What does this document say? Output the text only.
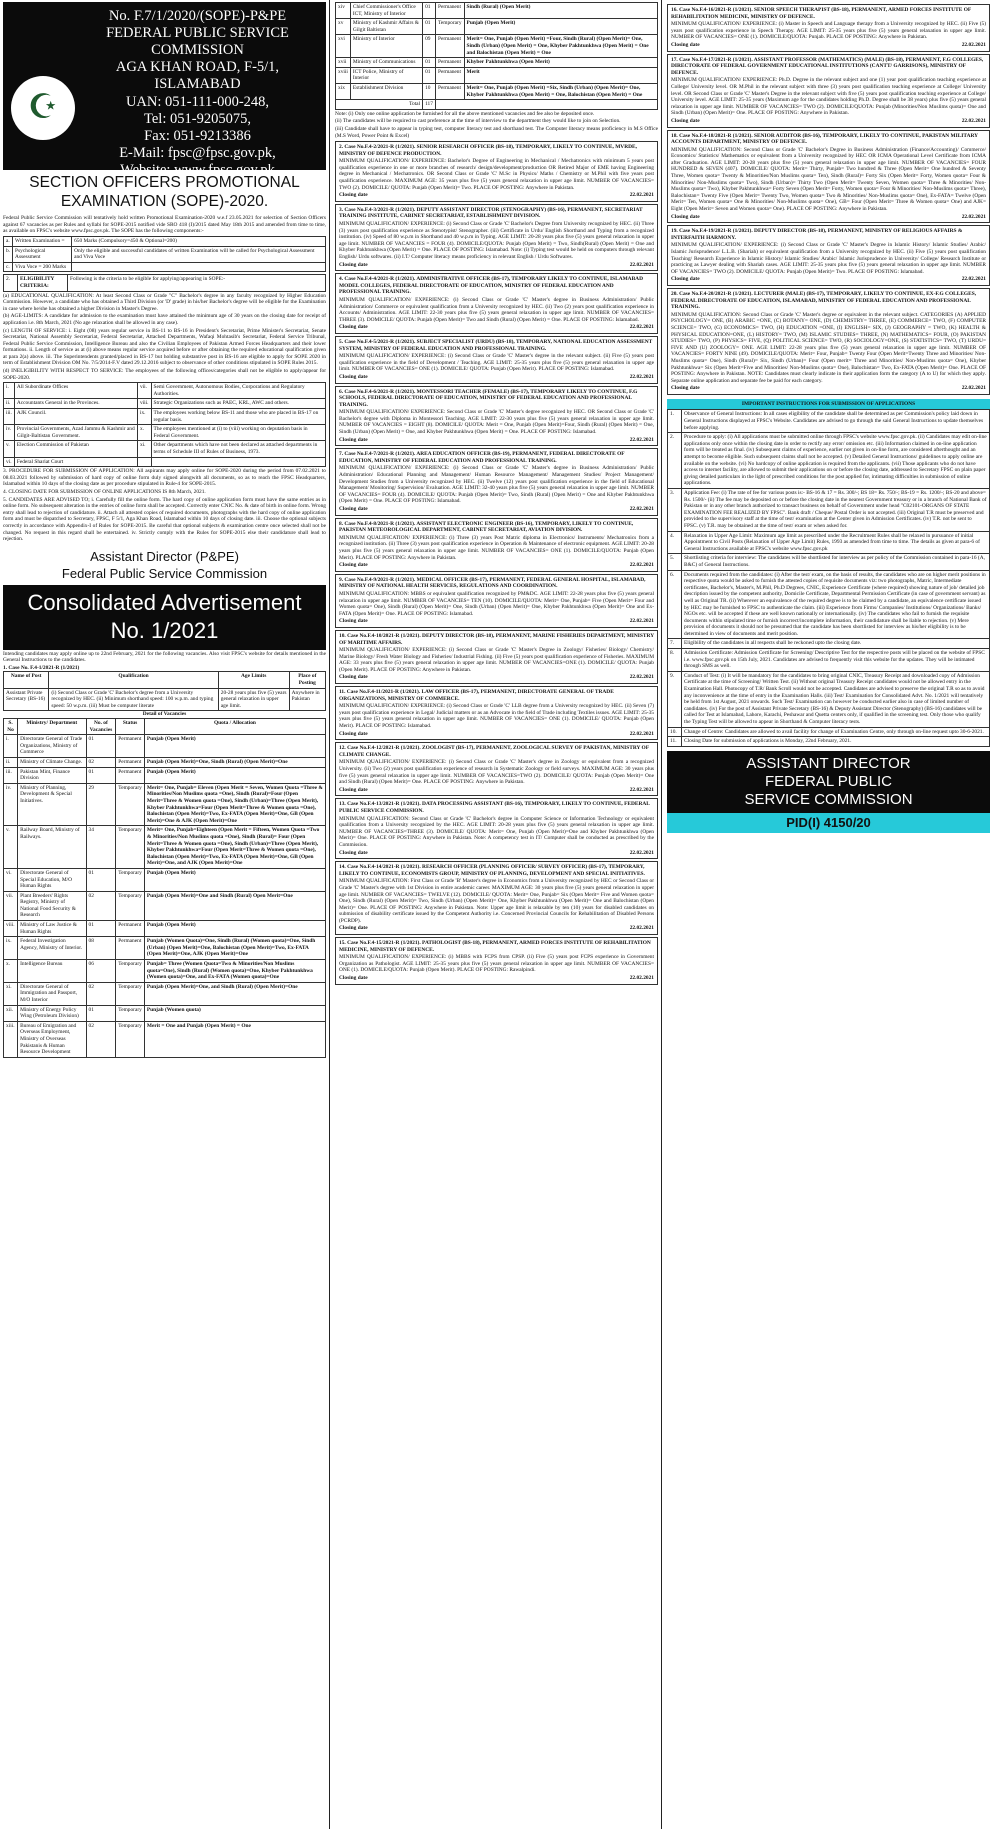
☪
No. F.7/1/2020/(SOPE)-P&PE
FEDERAL PUBLIC SERVICE COMMISSION
AGA KHAN ROAD, F-5/1, ISLAMABAD
UAN: 051-111-000-248,
Tel: 051-9205075,
Fax: 051-9213386
E-Mail: fpsc@fpsc.gov.pk,
Website: www.fpsc.gov.pk
SECTION OFFICERS PROMOTIONAL EXAMINATION (SOPE)-2020.

Federal Public Service Commission will tentatively hold written Promotional Examination-2020 w.e.f 23.05.2021 for selection of Section Officers against 67 vacancies as per Rules and syllabi for SOPE-2015 notified vide SRO 418 (I)/2015 dated May 18th 2015 and amended from time to time, as available on FPSC's website www.fpsc.gov.pk. The SOPE has the following components:-

a.	Written Examination =	650 Marks (Compulsory=450 & Optional=200)
b.	Psychological Assessment	Only the eligible and successful candidates of written Examination will be called for Psychological Assessment and Viva Voce
c.	Viva Voce = 200 Marks	
2.	ELIGIBILITY CRITERIA:	Following is the criteria to be eligible for applying/appearing in SOPE:-

(a) EDUCATIONAL QUALIFICATION: At least Second Class or Grade "C" Bachelor's degree in any faculty recognized by Higher Education Commission. However, a candidate who has obtained a Third Division (or 'D' grade) in his/her Bachelor's degree will be eligible for the Examination in case where he/she has obtained a higher Division in Master's Degree.

(b) AGE-LIMITS: A candidate for admission to the examination must have attained the minimum age of 30 years on the closing date for receipt of application i.e. 8th March, 2021 (No age relaxation shall be allowed in any case).

(c) LENGTH OF SERVICE: i. Eight (08) years regular service in BS-11 to BS-16 in President's Secretariat, Prime Minister's Secretariat, Senate Secretariat, National Assembly Secretariat, Federal Secretariat, Attached Departments, Wafaqi Mohtasib's Secretariat, Federal Service Tribunal, Federal Public Service Commission, Intelligence Bureau and also the Civilian Employees of Pakistan Armed Forces Headquarters and their lower formations. ii. Length of service as at (i) above means regular service acquired before or after obtaining the required educational qualification given at para 2(a) above. iii. The Superintendents granted/placed in BS-17 but holding substantive post in BS-16 are eligible to apply for SOPE 2020 in term of Establishment Division OM No. 7/5/2014-F.V dated 29.12.2016 subject to observance of other conditions stipulated in SOPE Rules 2015.

(d) INELIGIBILITY WITH RESPECT TO SERVICE: The employees of the following offices/categories shall not be eligible to apply/appear for SOPE-2020.

i.	All Subordinate Offices	vii.	Semi Government, Autonomous Bodies, Corporations and Regulatory Authorities.
ii.	Accountants General in the Provinces.	viii.	Strategic Organizations such as PAEC, KRL, AWC and others.
iii.	AJK Council.	ix.	The employees working below BS-11 and those who are placed in BS-17 on regular basis.
iv.	Provincial Governments, Azad Jammu & Kashmir and Gilgit-Baltistan Government.	x.	The employees mentioned at (i) to (viii) working on deputation basis in Federal Government.
v.	Election Commission of Pakistan	xi.	Other departments which have not been declared as attached departments in terms of Schedule III of Rules of Business, 1973.
vi.	Federal Shariat Court		

3. PROCEDURE FOR SUBMISSION OF APPLICATION: All aspirants may apply online for SOPE-2020 during the period from 07.02.2021 to 08.03.2021 followed by submission of hard copy of online form duly signed alongwith all documents, so as to reach the FPSC Headquarters, Islamabad within 10 days of the closing date as per procedure stipulated in Rule-4 for SOPE-2015.

4. CLOSING DATE FOR SUBMISSION OF ONLINE APPLICATIONS IS 8th March, 2021.

5. CANDIDATES ARE ADVISED TO; i. Carefully fill the online form. The hard copy of online application form must have the same entries as in online form. No subsequent alteration in the entries of online form shall be accepted. Correctly enter CNIC No. & date of birth in online form. Wrong entry shall lead to rejection of candidature. ii. Attach all attested copies of required documents, photographs with the hard copy of online application form and must be dispatched to Secretary, FPSC, F 5/1, Aga Khan Road, Islamabad within 10 days of closing date. iii. Choose the optional subjects correctly in accordance with Appendix-I of Rules for SOPE-2015. Be careful that optional subjects & examination centre once selected shall not be changed. No request in this regard shall be entertained. iv. Strictly comply with the Rules for SOPE-2015 else their candidature shall lead to rejection.

Assistant Director (P&PE)
Federal Public Service Commission
Consolidated Advertisement
No. 1/2021

Intending candidates may apply online up to 22nd February, 2021 for the following vacancies. Also visit FPSC's website for details mentioned in the General Instructions to the candidates.

1. Case No. F.4-1/2021-R (1/2021)
Name of Post	Qualification	Age Limits	Place of Posting
Assistant Private Secretary (BS-16)	(i) Second Class or Grade 'C' Bachelor's degree from a University recognized by HEC. (ii) Minimum shorthand speed: 100 w.p.m. and typing speed: 50 w.p.m. (iii) Must be computer literate	20-28 years plus five (5) years general relaxation in upper age limit.	Anywhere in Pakistan
Detail of Vacancies
S. No	Ministry/ Department	No. of Vacancies	Status	Quota / Allocation
i.	Directorate General of Trade Organizations, Ministry of Commerce	01	Permanent	Punjab (Open Merit)
ii.	Ministry of Climate Change.	02	Permanent	Punjab (Open Merit)=One, Sindh (Rural) (Open Merit)=One
iii.	Pakistan Mint, Finance Division	01	Permanent	Punjab (Open Merit)
iv.	Ministry of Planning, Development & Special Initiatives.	29	Temporary	Merit= One, Punjab= Eleven (Open Merit = Seven, Women Quota =Three & Minorities/Non Muslims quota =One), Sindh (Rural)=Four (Open Merit=Three & Women quota =One), Sindh (Urban)=Three (Open Merit), Khyber Pakhtunkhwa=Four (Open Merit=Three & Women quota =One), Balochistan (Open Merit)=Two, Ex-FATA (Open Merit)=One, GB (Open Merit)=One & AJK (Open Merit)=One
v.	Railway Board, Ministry of Railways.	34	Temporary	Merit= One, Punjab=Eighteen (Open Merit = Fifteen, Women Quota =Two & Minorities/Non Muslims quota =One), Sindh (Rural)= Four (Open Merit=Three & Women quota =One), Sindh (Urban)=Three (Open Merit), Khyber Pakhtunkhwa=Four (Open Merit=Three & Women quota =One), Balochistan (Open Merit)=Two, Ex-FATA (Open Merit)=One, GB (Open Merit)=One, and AJK (Open Merit)=One
vi.	Directorate General of Special Education, M/O Human Rights	01	Temporary	Punjab (Open Merit)
vii.	Plant Breeders' Rights Registry, Ministry of National Food Security & Research	02	Temporary	Punjab (Open Merit)=One and Sindh (Rural) Open Merit=One
viii.	Ministry of Law Justice & Human Rights	01	Permanent	Punjab (Open Merit)
ix.	Federal Investigation Agency, Ministry of Interior.	08	Permanent	Punjab (Women Quota)=One, Sindh (Rural) (Women quota)=One, Sindh (Urban) (Open Merit)=One, Balochistan (Open Merit)=Two, Ex-FATA (Open Merit)=One, AJK (Open Merit)=One
x.	Intelligence Bureau	06	Temporary	Punjab= Three (Women Quota=Two & Minorities/Non Muslims quota=One), Sindh (Rural) (Women quota)=One, Khyber Pakhtunkhwa (Women quota)=One, and Ex-FATA (Women quota)=One
xi.	Directorate General of Immigration and Passport, M/O Interior	02	Temporary	Punjab (Open Merit)=One, and Sindh (Rural) (Open Merit)=One
xii.	Ministry of Energy Policy Wing (Petroleum Division)	01	Temporary	Punjab (Women quota)
xiii.	Bureau of Emigration and Overseas Employment, Ministry of Overseas Pakistanis & Human Resource Development	02	Temporary	Merit = One and Punjab (Open Merit) = One
xiv	Chief Commissioner's Office ICT, Ministry of Interior	01	Permanent	Sindh (Rural) (Open Merit)
xv	Ministry of Kashmir Affairs & Gilgit Baltistan	01	Temporary	Punjab (Open Merit)
xvi	Ministry of Interior	09	Permanent	Merit= One, Punjab (Open Merit) =Four, Sindh (Rural) (Open Merit)= One, Sindh (Urban) (Open Merit) = One, Khyber Pakhtunkhwa (Open Merit) = One and Balochistan (Open Merit) = One
xvii	Ministry of Communications	01	Permanent	Khyber Pakhtunkhwa (Open Merit)
xviii	ICT Police, Ministry of Interior	01	Permanent	Merit
xix	Establishment Division	10	Permanent	Merit= One, Punjab (Open Merit) =Six, Sindh (Urban) (Open Merit)= One, Khyber Pakhtunkhwa (Open Merit) = One, Balochistan (Open Merit) = One
Total		117		

Note: (i) Only one online application be furnished for all the above mentioned vacancies and fee also be deposited once.

(ii) The candidates will be required to cast preference at the time of interview to the department they would like to join on Selection.

(iii) Candidate shall have to appear in typing test, computer literacy test and shorthand test. The Computer literacy means proficiency in M.S Office (M.S Word, Power Point & Excel)

2. Case No.F.4-2/2021-R (1/2021). SENIOR RESEARCH OFFICER (BS-18), TEMPORARY, LIKELY TO CONTINUE, MVRDE, MINISTRY OF DEFENCE PRODUCTION.

MINIMUM QUALIFICATION/ EXPERIENCE: Bachelor's Degree of Engineering in Mechanical / Mechatronics with minimum 5 years post qualification experience in one or more branches of research/ design/development/production OR Retired Major of EME having Engineering degree in Mechanical / Mechatronics. OR Second Class or Grade 'C' M.Sc in Physics/ Maths / Chemistry or M.Phil with five years post qualification experience. MAXIMUM AGE: 35 years plus five (5) years general relaxation in upper age limit. NUMBER OF VACANCIES= TWO (2). DOMICILE/ QUOTA: Punjab (Open Merit)= Two. PLACE OF POSTING: Anywhere in Pakistan.

Closing date	22.02.2021
3. Case No.F.4-3/2021-R (1/2021). DEPUTY ASSISTANT DIRECTOR (STENOGRAPHY) (BS-16), PERMANENT, SECRETARIAT TRAINING INSTITUTE, CABINET SECRETARIAT, ESTABLISHMENT DIVISION.

MINIMUM QUALIFICATION/ EXPERIENCE: (i) Second Class or Grade 'C' Bachelor's Degree from University recognized by HEC. (ii) Three (3) years post qualification experience as Stenotypist/ Stenographer. (iii) Certificate in Urdu/ English Shorthand and Typing from a recognized institution. (iv) Speed of 80 w.p.m in Shorthand and 40 w.p.m in Typing. AGE LIMIT: 20-28 years plus five (5) years general relaxation in upper age limit. NUMBER OF VACANCIES = FOUR (4). DOMICILE/QUOTA: Punjab (Open Merit) = Two, Sindh(Rural) (Open Merit) = One and Khyber Pakhtunkhwa (Open Merit) = One. PLACE OF POSTING: Islamabad. Note: (i) Typing test would be held on computers through relevant English/ Urdu softwares. (ii) I.T/ Computer literacy means proficiency in relevant English / Urdu Softwares.

Closing date	22.02.2021
4. Case No.F.4-4/2021-R (1/2021). ADMINISTRATIVE OFFICER (BS-17), TEMPORARY LIKELY TO CONTINUE, ISLAMABAD MODEL COLLEGES, FEDERAL DIRECTORATE OF EDUCATION, MINISTRY OF FEDERAL EDUCATION AND PROFESSIONAL TRAINING.

MINIMUM QUALIFICATION/ EXPERIENCE: (i) Second Class or Grade 'C' Master's degree in Business Administration/ Public Administration/ Commerce or equivalent qualification from a University recognized by HEC. (ii) Two (2) years post qualification experience in Accounts/ Administration. AGE LIMIT: 22-30 years plus five (5) years general relaxation in upper age limit. NUMBER OF VACANCIES= THREE (3). DOMICILE/ QUOTA: Punjab (Open Merit)= Two and Sindh (Rural) (Open Merit) = One. PLACE OF POSTING: Islamabad.

Closing date	22.02.2021
5. Case No.F.4-5/2021-R (1/2021). SUBJECT SPECIALIST (URDU) (BS-18), TEMPORARY, NATIONAL EDUCATION ASSESSMENT SYSTEM, MINISTRY OF FEDERAL EDUCATION AND PROFESSIONAL TRAINING.

MINIMUM QUALIFICATION/ EXPERIENCE: (i) Second Class or Grade 'C' Master's degree in the relevant subject. (ii) Five (5) years post qualification experience in the field of Development / Teaching. AGE LIMIT: 25-35 years plus five (5) years general relaxation in upper age limit. NUMBER OF VACANCIES= ONE (1). DOMICILE/ QUOTA: Punjab (Open Merit). PLACE OF POSTING: Islamabad.

Closing date	22.02.2021
6. Case No.F.4-6/2021-R (1/2021). MONTESSORI TEACHER (FEMALE) (BS-17), TEMPORARY LIKELY TO CONTINUE, F.G SCHOOLS, FEDERAL DIRECTORATE OF EDUCATION, MINISTRY OF FEDERAL EDUCATION AND PROFESSIONAL TRAINING.

MINIMUM QUALIFICATION/ EXPERIENCE: Second Class or Grade 'C' Master's degree recognized by HEC. OR Second Class or Grade 'C' Bachelor's degree with Diploma in Montessori Teaching. AGE LIMIT: 22-30 years plus five (5) years general relaxation in upper age limit. NUMBER OF VACANCIES = EIGHT (8). DOMICILE/ QUOTA: Merit = One, Punjab (Open Merit)=Four, Sindh (Rural) (Open Merit) = One, Sindh (Urban) (Open Merit) = One, and Khyber Pakhtunkhwa (Open Merit) = One. PLACE OF POSTING: Islamabad.

Closing date	22.02.2021
7. Case No.F.4-7/2021-R (1/2021). AREA EDUCATION OFFICER (BS-19), PERMANENT, FEDERAL DIRECTORATE OF EDUCATION, MINISTRY OF FEDERAL EDUCATION AND PROFESSIONAL TRAINING.

MINIMUM QUALIFICATION/ EXPERIENCE: (i) Second Class or Grade 'C' Master's degree in Business Administration/ Public Administration/ Educational Planning and Management/ Human Resource Management/ Management Studies/ Project Management/ Development Studies from a University recognized by HEC. (ii) Twelve (12) years post qualification experience in the field of Educational Management/ Monitoring/ Supervision/ Evaluation. AGE LIMIT: 32-40 years plus five (5) years general relaxation in upper age limit. NUMBER OF VACANCIES= FOUR (4). DOMICILE/ QUOTA: Punjab (Open Merit)= Two, Sindh (Rural) (Open Merit) = One and Khyber Pakhtunkhwa (Open Merit) = One. PLACE OF POSTING: Islamabad.

Closing date	22.02.2021
8. Case No.F.4-8/2021-R (1/2021). ASSISTANT ELECTRONIC ENGINEER (BS-16), TEMPORARY, LIKELY TO CONTINUE, PAKISTAN METEOROLOGICAL DEPARTMENT, CABINET SECRETARIAT, AVIATION DIVISION.

MINIMUM QUALIFICATION/ EXPERIENCE: (i) Three (3) years Post Matric diploma in Electronics/ Instruments/ Mechatronics from a recognized institution. (ii) Three (3) years post qualification experience in Operation & Maintenance of electronic equipment. AGE LIMIT: 20-28 years plus five (5) years general relaxation in upper age limit. NUMBER OF VACANCIES= ONE (1). DOMICILE/QUOTA: Punjab (Open Merit). PLACE OF POSTING: Anywhere in Pakistan.

Closing date	22.02.2021
9. Case No.F.4-9/2021-R (1/2021). MEDICAL OFFICER (BS-17), PERMANENT, FEDERAL GENERAL HOSPITAL, ISLAMABAD, MINISTRY OF NATIONAL HEALTH SERVICES, REGULATIONS AND COORDINATION.

MINIMUM QUALIFICATION: MBBS or equivalent qualification recognized by PM&DC. AGE LIMIT: 22-28 years plus five (5) years general relaxation in upper age limit. NUMBER OF VACANCIES= TEN (10). DOMICILE/QUOTA: Merit= One, Punjab= Five (Open Merit= Four and Women quota= One), Sindh (Rural) (Open Merit)= One, Sindh (Urban) (Open Merit)= One, Khyber Pakhtunkhwa (Open Merit)= One and Ex-FATA (Open Merit)= One. PLACE OF POSTING: Islamabad.

Closing date	22.02.2021
10. Case No.F.4-10/2021-R (1/2021). DEPUTY DIRECTOR (BS-18), PERMANENT, MARINE FISHERIES DEPARTMENT, MINISTRY OF MARITIME AFFAIRS.

MINIMUM QUALIFICATION/ EXPERIENCE: (i) Second Class or Grade 'C' Master's Degree in Zoology/ Fisheries/ Biology/ Chemistry/ Marine Biology/ Fresh Water Biology and Fisheries/ Industrial Fishing. (ii) Five (5) years post qualification experience of Fisheries. MAXIMUM AGE: 33 years plus five (5) years general relaxation in upper age limit. NUMBER OF VACANCIES=ONE (1). DOMICILE/ QUOTA: Punjab (Open Merit). PLACE OF POSTING: Anywhere in Pakistan.

Closing date	22.02.2021
11. Case No.F.4-11/2021-R (1/2021). LAW OFFICER (BS-17), PERMANENT, DIRECTORATE GENERAL OF TRADE ORGANIZATIONS, MINISTRY OF COMMERCE.

MINIMUM QUALIFICATION/ EXPERIENCE: (i) Second Class or Grade 'C' LLB degree from a University recognized by HEC. (ii) Seven (7) years post qualification experience in Legal/ Judicial matters or as an Advocate in the field of Trade including Textiles issues. AGE LIMIT: 25-35 years plus five (5) years general relaxation in upper age limit. NUMBER OF VACANCIES= ONE (1). DOMICILE/ QUOTA: Punjab (Open Merit). PLACE OF POSTING: Islamabad.

Closing date	22.02.2021
12. Case No.F.4-12/2021-R (1/2021). ZOOLOGIST (BS-17), PERMANENT, ZOOLOGICAL SURVEY OF PAKISTAN, MINISTRY OF CLIMATE CHANGE.

MINIMUM QUALIFICATION/ EXPERIENCE: (i) Second Class or Grade 'C' Master's degree in Zoology or equivalent from a recognized University. (ii) Two (2) years post qualification experience of research in Systematic Zoology or field surveys. MAXIMUM AGE: 30 years plus five (5) years general relaxation in upper age limit. NUMBER OF VACANCIES=TWO (2). DOMICILE/ QUOTA: Punjab (Open Merit)= One and Sindh (Rural) (Open Merit)= One. PLACE OF POSTING: Anywhere in Pakistan.

Closing date	22.02.2021
13. Case No.F.4-13/2021-R (1/2021). DATA PROCESSING ASSISTANT (BS-16), TEMPORARY, LIKELY TO CONTINUE, FEDERAL PUBLIC SERVICE COMMISSION.

MINIMUM QUALIFICATION: Second Class or Grade 'C' Bachelor's degree in Computer Science or Information Technology or equivalent qualification from a University recognized by the HEC. AGE LIMIT: 20-28 years plus five (5) years general relaxation in upper age limit. NUMBER OF VACANCIES=THREE (3). DOMICILE/ QUOTA: Merit= One, Punjab (Open Merit)=One and Khyber Pakhtunkhwa (Open Merit)= One. PLACE OF POSTING: Anywhere in Pakistan. Note: A competency test in IT/ Computer shall be conducted as prescribed by the Commission.

Closing date	22.02.2021
14. Case No.F.4-14/2021-R (1/2021). RESEARCH OFFICER (PLANNING OFFICER/ SURVEY OFFICER) (BS-17), TEMPORARY, LIKELY TO CONTINUE, ECONOMISTS GROUP, MINISTRY OF PLANNING, DEVELOPMENT AND SPECIAL INITIATIVES.

MINIMUM QUALIFICATION: First Class or Grade 'B' Master's degree in Economics from a University recognized by HEC or Second Class or Grade 'C' Master's degree with 1st Division in entire academic career. MAXIMUM AGE: 30 years plus five (5) years general relaxation in upper age limit. NUMBER OF VACANCIES= TWELVE (12). DOMICILE/ QUOTA: Merit= One, Punjab= Six (Open Merit= Five and Women quota= One), Sindh (Rural) (Open Merit)= Two, Sindh (Urban) (Open Merit)= One, Khyber Pakhtunkhwa (Open Merit)= One and Balochistan (Open Merit)= One. PLACE OF POSTING: Anywhere in Pakistan. Note: Upper age limit is relaxable by ten (10) years for disabled candidates on submission of disability certificate issued by the Competent Authority i.e. Concerned Provincial Councils for Rehabilitation of Disabled Persons (PCRDP).

Closing date	22.02.2021
15. Case No.F.4-15/2021-R (1/2021). PATHOLOGIST (BS-18), PERMANENT, ARMED FORCES INSTITUTE OF REHABILITATION MEDICINE, MINISTRY OF DEFENCE.

MINIMUM QUALIFICATION/ EXPERIENCE: (i) MBBS with FCPS from CPSP. (ii) Five (5) years post FCPS experience in Government Organization as Pathologist. AGE LIMIT: 25-35 years plus five (5) years general relaxation in upper age limit. NUMBER OF VACANCIES= ONE (1). DOMICILE/QUOTA: Punjab (Open Merit). PLACE OF POSTING: Rawalpindi.

Closing date	22.02.2021
16. Case No.F.4-16/2021-R (1/2021). SENIOR SPEECH THERAPIST (BS-18), PERMANENT, ARMED FORCES INSTITUTE OF REHABILITATION MEDICINE, MINISTRY OF DEFENCE.

MINIMUM QUALIFICATION/ EXPERIENCE: (i) Master in Speech and Language therapy from a University recognized by HEC. (ii) Five (5) years post qualification experience in Speech Therapy. AGE LIMIT: 25-35 years plus five (5) years general relaxation in upper age limit. NUMBER OF VACANCIES= ONE (1). DOMICILE/QUOTA: Punjab. PLACE OF POSTING: Anywhere in Pakistan.

Closing date	22.02.2021
17. Case No.F.4-17/2021-R (1/2021). ASSISTANT PROFESSOR (MATHEMATICS) (MALE) (BS-18), PERMANENT, F.G COLLEGES, DIRECTORATE OF FEDERAL GOVERNMENT EDUCATIONAL INSTITUTIONS (CANTT/ GARRISONS), MINISTRY OF DEFENCE.

MINIMUM QUALIFICATION/ EXPERIENCE: Ph.D. Degree in the relevant subject and one (1) year post qualification teaching experience at College/ University level. OR M.Phil in the relevant subject with three (3) years post qualification teaching experience at College/ University level. OR Second Class or Grade 'C' Master's Degree in the relevant subject with five (5) years post qualification teaching experience at College/ University level. AGE LIMIT: 25-35 years (Maximum age for the candidates holding Ph.D. Degree shall be 38 years) plus five (5) years general relaxation in upper age limit. NUMBER OF VACANCIES= TWO (2). DOMICILE/QUOTA: Punjab (Minorities/Non Muslims quota)= One and Sindh (Urban) (Open Merit)= One. PLACE OF POSTING: Anywhere in Pakistan.

Closing date	22.02.2021
18. Case No.F.4-18/2021-R (1/2021). SENIOR AUDITOR (BS-16), TEMPORARY, LIKELY TO CONTINUE, PAKISTAN MILITARY ACCOUNTS DEPARTMENT, MINISTRY OF DEFENCE.

MINIMUM QUALIFICATION: Second Class or Grade 'C' Bachelor's Degree in Business Administration (Finance/Accounting)/ Commerce/ Economics/ Statistics/ Mathematics or equivalent from a University recognized by HEC OR ICMA Operational Level Certificate from ICMA after Graduation. AGE LIMIT: 20-28 years plus five (5) years general relaxation in upper age limit. NUMBER OF VACANCIES= FOUR HUNDRED & SEVEN (407). DOMICILE/ QUOTA: Merit= Thirty, Punjab= Two hundred & Three (Open Merit= One hundred & Seventy Three, Women quota= Twenty & Minorities/Non Muslims quota= Ten), Sindh (Rural)= Forty Six (Open Merit= Forty, Women quota= Four & Minorities/ Non-Muslims quota= Two), Sindh (Urban)= Thirty Two (Open Merit= Twenty Seven, Women quota= Three & Minorities/ Non-Muslims quota= Two), Khyber Pakhtunkhwa= Forty Seven (Open Merit= Forty, Women quota= Four & Minorities/ Non-Muslims quota= Three), Balochistan= Twenty Five (Open Merit= Twenty Two, Women quota= Two & Minorities/ Non-Muslims quota= One), Ex-FATA= Twelve (Open Merit= Ten, Women quota= One & Minorities/ Non-Muslims quota= One), GB= Four (Open Merit= Three & Women quota= One) and AJK= Eight (Open Merit= Seven and Women quota= One). PLACE OF POSTING: Anywhere in Pakistan.

Closing date	22.02.2021
19. Case No.F.4-19/2021-R (1/2021). DEPUTY DIRECTOR (BS-18), PERMANENT, MINISTRY OF RELIGIOUS AFFAIRS & INTERFAITH HARMONY.

MINIMUM QUALIFICATION/ EXPERIENCE: (i) Second Class or Grade 'C' Master's Degree in Islamic History/ Islamic Studies/ Arabic/ Islamic Jurisprudence/ L.L.B. (Shariah) or equivalent qualification from a University recognized by HEC. (ii) Five (5) years post qualification Teaching/ Research Experience in Islamic History/ Islamic Studies/ Arabic/ Islamic Jurisprudence in University/ College/ Research Institute or practicing as Lawyer dealing with Shariah cases. AGE LIMIT: 25-35 years plus five (5) years general relaxation in upper age limit. NUMBER OF VACANCIES= TWO (2). DOMICILE/ QUOTA: Punjab (Open Merit)= Two. PLACE OF POSTING: Islamabad.

Closing date	22.02.2021
20. Case No.F.4-20/2021-R (1/2021). LECTURER (MALE) (BS-17), TEMPORARY, LIKELY TO CONTINUE, EX-F.G COLLEGES, FEDERAL DIRECTORATE OF EDUCATION, ISLAMABAD, MINISTRY OF FEDERAL EDUCATION AND PROFESSIONAL TRAINING.

MINIMUM QUALIFICATION: Second Class or Grade 'C' Master's degree or equivalent in the relevant subject. CATEGORIES (A) APPLIED PSYCHOLOGY= ONE, (B) ARABIC =ONE, (C) BOTANY= ONE, (D) CHEMISTRY= THREE, (E) COMMERCE= TWO, (F) COMPUTER SCIENCE= TWO, (G) ECONOMICS= TWO, (H) EDUCATION =ONE, (I) ENGLISH= SIX, (J) GEOGRAPHY = TWO, (K) HEALTH & PHYSICAL EDUCATION=ONE, (L) HISTORY= TWO, (M) ISLAMIC STUDIES= THREE, (N) MATHEMATICS= FOUR, (O) PAKISTAN STUDIES= TWO, (P) PHYSICS= FIVE, (Q) POLITICAL SCIENCE= TWO, (R) SOCIOLOGY=ONE, (S) STATISTICS= TWO, (T) URDU= FIVE AND (U) ZOOLOGY= ONE. AGE LIMIT: 22-28 years plus five (5) years general relaxation in upper age limit. NUMBER OF VACANCIES= FORTY NINE (49). DOMICILE/QUOTA: Merit= Four, Punjab= Twenty Four (Open Merit=Twenty Three and Minorities/ Non-Muslims quota= One), Sindh (Rural)= Six, Sindh (Urban)= Four (Open merit= Three and Minorities/ Non-Muslims quota= One), Khyber Pakhtunkhwa= Six (Open Merit=Five and Minorities/ Non-Muslims quota= One), Balochistan= Two, Ex-FATA (Open Merit)= One. PLACE OF POSTING: Anywhere in Pakistan. NOTE: Candidates must clearly indicate in their application form the category (A to U) for which they apply. Separate online application and separate fee be paid for each category.

Closing date	22.02.2021
IMPORTANT INSTRUCTIONS FOR SUBMISSION OF APPLICATIONS
1.	Observance of General Instructions: In all cases eligibility of the candidate shall be determined as per Commission's policy laid down in General Instructions displayed at FPSC's Website. Candidates are advised to go through the said General Instructions to update themselves before applying.
2.	Procedure to apply: (i) All applications must be submitted online through FPSC's website www.fpsc.gov.pk. (ii) Candidates may edit on-line applications only once within the closing date in order to rectify any error/ omission etc. (iii) Information claimed in on-line application form will be treated as final. (iv) Subsequent claims of experience, earlier not given in on-line form, are considered afterthought and an attempt to become eligible. Such subsequent claims shall not be accepted. (v) Detailed General Instructions/ guidelines to apply online are available on the website. (vi) No hardcopy of online application is required from the applicants. (vii) Those applicants who do not have access to internet facility, are allowed to submit their applications on or before the closing date, addressed to Secretary FPSC on plain paper giving detailed particulars in the light of prescribed conditions for the post applied for, intimating difficulties in submission of online applications.
3.	Application Fee: (i) The rate of fee for various posts is:- BS-16 & 17 = Rs. 300/-; BS 18= Rs. 750/-; BS-19 = Rs. 1200/-; BS-20 and above= Rs. 1500/- (ii) The fee may be deposited on or before the closing date in the nearest Government treasury or in a branch of National Bank of Pakistan or in any other branch authorized to transact business on behalf of Government under head "C02101-ORGANS OF STATE EXAMINATION FEE REALIZED BY FPSC". Bank draft / Cheque/ Postal Order is not accepted. (iii) Original T.R must be preserved and provided to the supervisory staff at the time of test/ examination at the Center given in Admission Certificates. (iv) T.R. not be sent to FPSC. (v) T.R. may be obtained at the time of test/ exam or when asked for.
4.	Relaxation in Upper Age Limit: Maximum age limit as prescribed under the Recruitment Rules shall be relaxed in pursuance of initial Appointment to Civil Posts (Relaxation of Upper Age Limit) Rules, 1993 as amended from time to time. The details as given at para-6 of General Instructions available at FPSC's website www.fpsc.gov.pk
5.	Shortlisting criteria for interview: The candidates will be shortlisted for interview as per policy of the Commission contained in para-16 (A, B&C) of General Instructions.
6.	Documents required from the candidates: (i) After the test/ exam, on the basis of results, the candidates who are on higher merit positions in respective quota would be asked to furnish the attested copies of requisite documents viz: two photographs, Matric, Intermediate certificates, Bachelor's, Master's, M.Phil, Ph.D Degrees, CNIC, Experience Certificate (where required) showing nature of job/ detailed job description issued by the competent authority, Domicile Certificate, Departmental Permission Certificate (in case of government servant) as well as Original TR. (ii) Wherever an equivalence of the required degree is to be claimed by a candidate, an equivalence certificate issued by HEC may be furnished to FPSC to authenticate the claim. (iii) Experience from Firms/ Companies/ Institutions/ Organizations/ Banks/ NGOs etc. will be accepted if these are well known nationally or internationally. (iv) The candidates who fail to furnish the requisite documents within stipulated time or furnish incorrect/incomplete information, their candidature shall be liable to rejection. (v) Mere provision of documents it should not be presumed that the candidate has been shortlisted for interview as his/her eligibility is to be determined in view of documents and merit position.
7.	Eligibility of the candidates in all respects shall be reckoned upto the closing date.
8.	Admission Certificate: Admission Certificate for Screening/ Descriptive Test for the respective posts will be placed on the website of FPSC i.e. www.fpsc.gov.pk on 15th July, 2021. Candidates are advised to frequently visit this website for the updates. They will be intimated through SMS as well.
9.	Conduct of Test: (i) It will be mandatory for the candidates to bring original CNIC, Treasury Receipt and downloaded copy of Admission Certificate at the time of Screening/ Written Test. (ii) Without original Treasury Receipt candidates would not be allowed entry in the Examination Hall. Photocopy of T.R/ Bank Scroll would not be accepted. Candidates are advised to preserve the original T.R so as to avoid any inconvenience at the time of entry in the Examination Halls. (iii) Test/ Examination for Consolidated Advt. No. 1/2021 will tentatively be held from 1st August, 2021 onwards. Such Test/ Examination can however be conducted earlier also in case of limited number of candidates. (iv) For the post of Assistant Private Secretary (BS-16) & Deputy Assistant Director (Stenography) (BS-16) candidates will be called for Test at Islamabad, Lahore, Karachi, Peshawar and Quetta centers only, if qualified in the screening test. Only those who qualify the Typing Test will be allowed to appear in Shorthand & Computer literacy tests.
10.	Change of Centre: Candidates are allowed to avail facility for change of Examination Centre, only through on-line request upto 30-6-2021.
11.	Closing Date for submission of applications is Monday, 22nd February, 2021.
ASSISTANT DIRECTOR
FEDERAL PUBLIC
SERVICE COMMISSION
PID(I) 4150/20
